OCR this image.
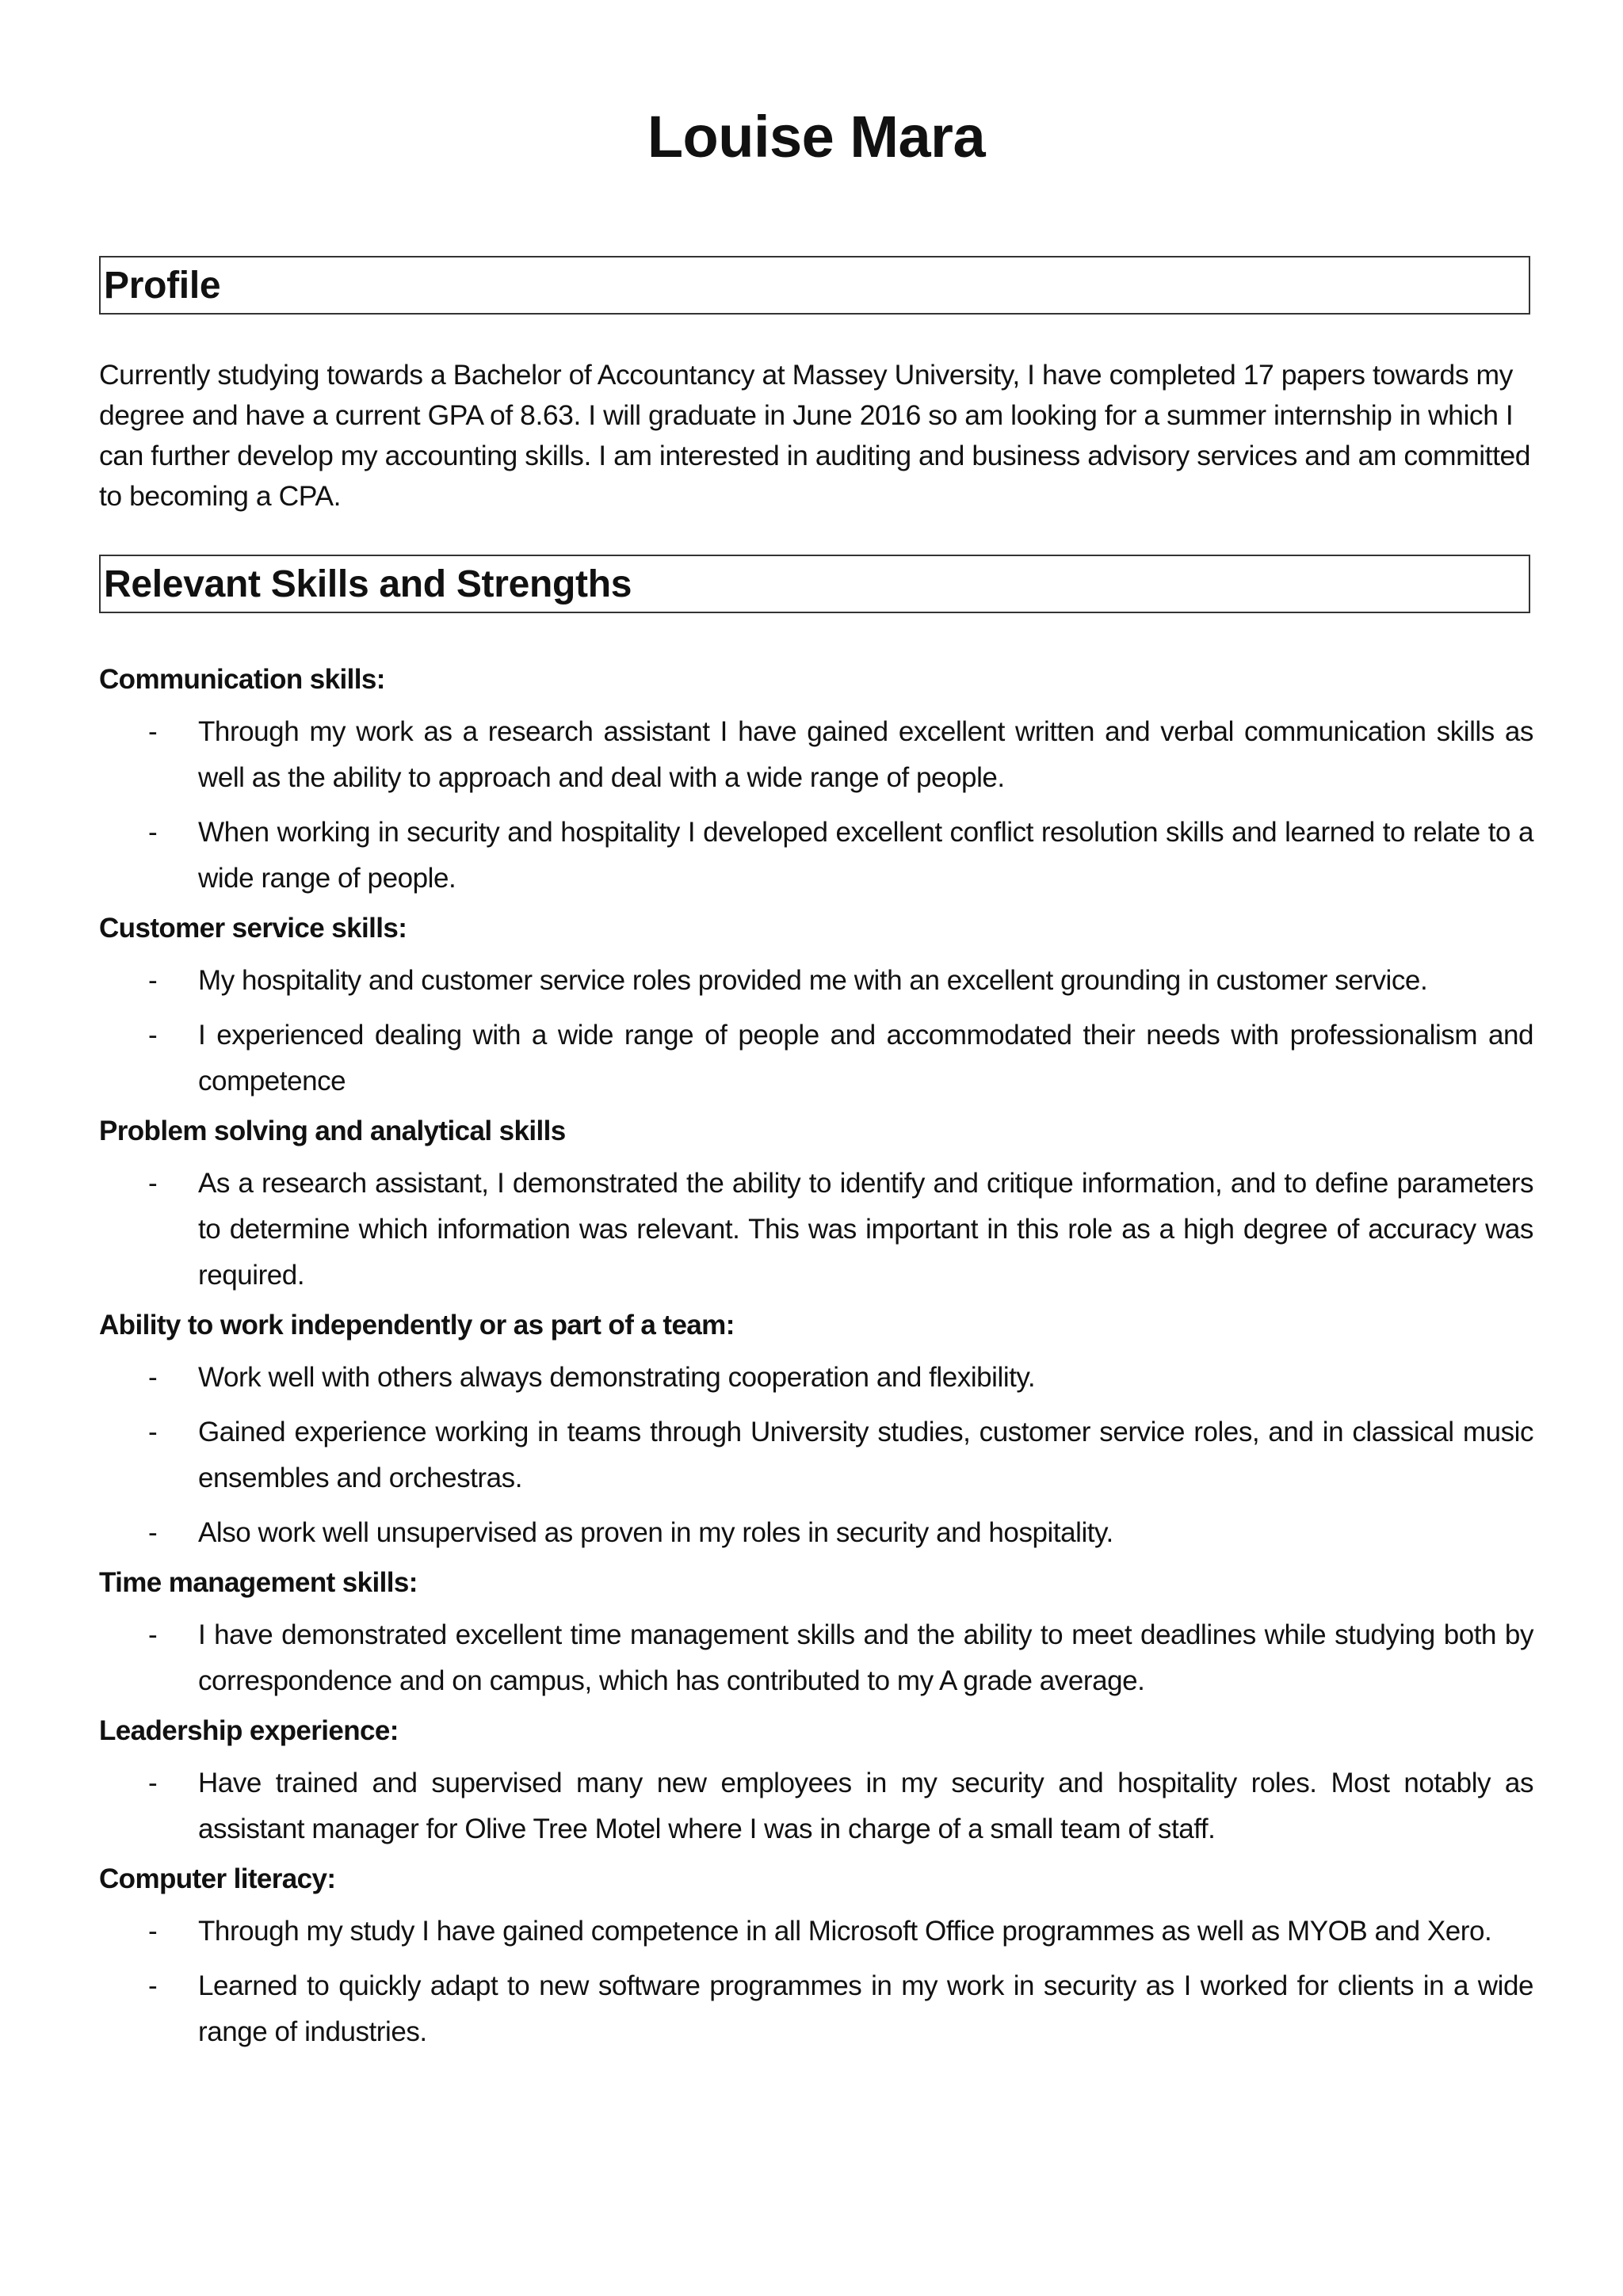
Louise Mara
Profile
Currently studying towards a Bachelor of Accountancy at Massey University, I have completed 17 papers towards my degree and have a current GPA of 8.63. I will graduate in June 2016 so am looking for a summer internship in which I can further develop my accounting skills. I am interested in auditing and business advisory services and am committed to becoming a CPA.
Relevant Skills and Strengths
Communication skills:
- Through my work as a research assistant I have gained excellent written and verbal communication skills as well as the ability to approach and deal with a wide range of people.
- When working in security and hospitality I developed excellent conflict resolution skills and learned to relate to a wide range of people.
Customer service skills:
- My hospitality and customer service roles provided me with an excellent grounding in customer service.
- I experienced dealing with a wide range of people and accommodated their needs with professionalism and competence
Problem solving and analytical skills
- As a research assistant, I demonstrated the ability to identify and critique information, and to define parameters to determine which information was relevant. This was important in this role as a high degree of accuracy was required.
Ability to work independently or as part of a team:
- Work well with others always demonstrating cooperation and flexibility.
- Gained experience working in teams through University studies, customer service roles, and in classical music ensembles and orchestras.
- Also work well unsupervised as proven in my roles in security and hospitality.
Time management skills:
- I have demonstrated excellent time management skills and the ability to meet deadlines while studying both by correspondence and on campus, which has contributed to my A grade average.
Leadership experience:
- Have trained and supervised many new employees in my security and hospitality roles. Most notably as assistant manager for Olive Tree Motel where I was in charge of a small team of staff.
Computer literacy:
- Through my study I have gained competence in all Microsoft Office programmes as well as MYOB and Xero.
- Learned to quickly adapt to new software programmes in my work in security as I worked for clients in a wide range of industries.
